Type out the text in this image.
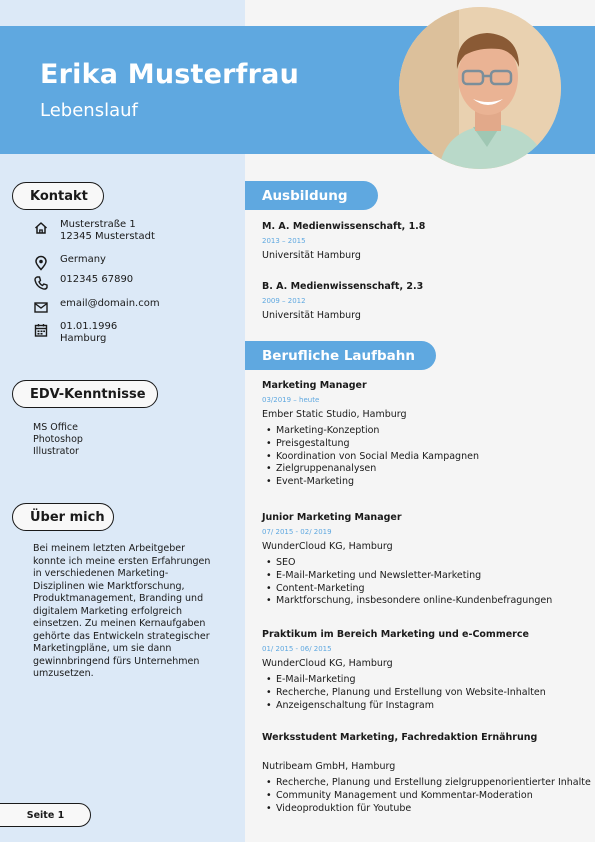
Erika Musterfrau
Lebenslauf
Kontakt
Musterstraße 1
12345 Musterstadt
Germany
012345 67890
email@domain.com
01.01.1996
Hamburg
EDV-Kenntnisse
MS Office
Photoshop
Illustrator
Über mich
Bei meinem letzten Arbeitgeber konnte ich meine ersten Erfahrungen in verschiedenen Marketing-Disziplinen wie Marktforschung, Produktmanagement, Branding und digitalem Marketing erfolgreich einsetzen. Zu meinen Kernaufgaben gehörte das Entwickeln strategischer Marketingpläne, um sie dann gewinnbringend fürs Unternehmen umzusetzen.
Seite 1
Ausbildung
M. A. Medienwissenschaft, 1.8
2013 – 2015
Universität Hamburg
B. A. Medienwissenschaft, 2.3
2009 – 2012
Universität Hamburg
Berufliche Laufbahn
Marketing Manager
03/2019 – heute
Ember Static Studio, Hamburg
• Marketing-Konzeption
• Preisgestaltung
• Koordination von Social Media Kampagnen
• Zielgruppenanalysen
• Event-Marketing
Junior Marketing Manager
07/ 2015 - 02/ 2019
WunderCloud KG, Hamburg
• SEO
• E-Mail-Marketing und Newsletter-Marketing
• Content-Marketing
• Marktforschung, insbesondere online-Kundenbefragungen
Praktikum im Bereich Marketing und e-Commerce
01/ 2015 - 06/ 2015
WunderCloud KG, Hamburg
• E-Mail-Marketing
• Recherche, Planung und Erstellung von Website-Inhalten
• Anzeigenschaltung für Instagram
Werksstudent Marketing, Fachredaktion Ernährung
Nutribeam GmbH, Hamburg
• Recherche, Planung und Erstellung zielgruppenorientierter Inhalte
• Community Management und Kommentar-Moderation
• Videoproduktion für Youtube
